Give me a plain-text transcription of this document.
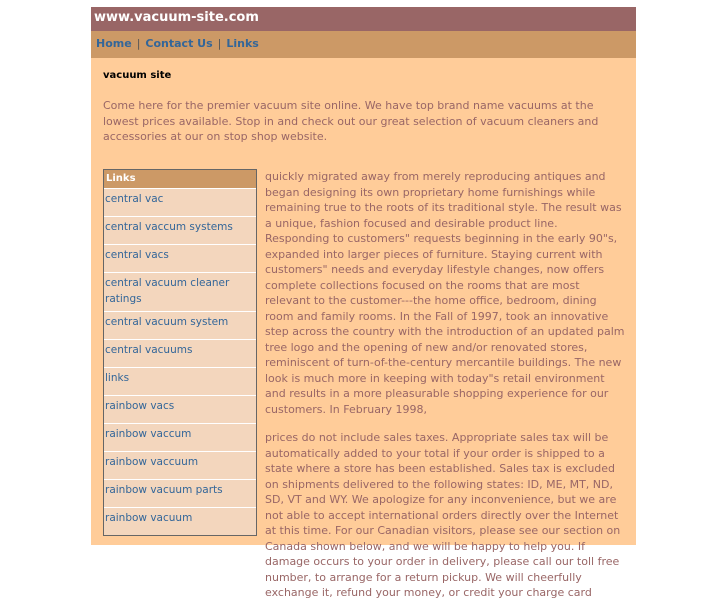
www.vacuum-site.com
Home | Contact Us | Links
vacuum site
Come here for the premier vacuum site online. We have top brand name vacuums at the lowest prices available. Stop in and check out our great selection of vacuum cleaners and accessories at our on stop shop website.
Links
central vac
central vaccum systems
central vacs
central vacuum cleaner ratings
central vacuum system
central vacuums
links
rainbow vacs
rainbow vaccum
rainbow vaccuum
rainbow vacuum parts
rainbow vacuum

quickly migrated away from merely reproducing antiques and began designing its own proprietary home furnishings while remaining true to the roots of its traditional style. The result was a unique, fashion focused and desirable product line. Responding to customers" requests beginning in the early 90"s, expanded into larger pieces of furniture. Staying current with customers" needs and everyday lifestyle changes, now offers complete collections focused on the rooms that are most relevant to the customer---the home office, bedroom, dining room and family rooms. In the Fall of 1997, took an innovative step across the country with the introduction of an updated palm tree logo and the opening of new and/or renovated stores, reminiscent of turn-of-the-century mercantile buildings. The new look is much more in keeping with today"s retail environment and results in a more pleasurable shopping experience for our customers. In February 1998,

prices do not include sales taxes. Appropriate sales tax will be automatically added to your total if your order is shipped to a state where a store has been established. Sales tax is excluded on shipments delivered to the following states: ID, ME, MT, ND, SD, VT and WY. We apologize for any inconvenience, but we are not able to accept international orders directly over the Internet at this time. For our Canadian visitors, please see our section on Canada shown below, and we will be happy to help you. If damage occurs to your order in delivery, please call our toll free number, to arrange for a return pickup. We will cheerfully exchange it, refund your money, or credit your charge card
